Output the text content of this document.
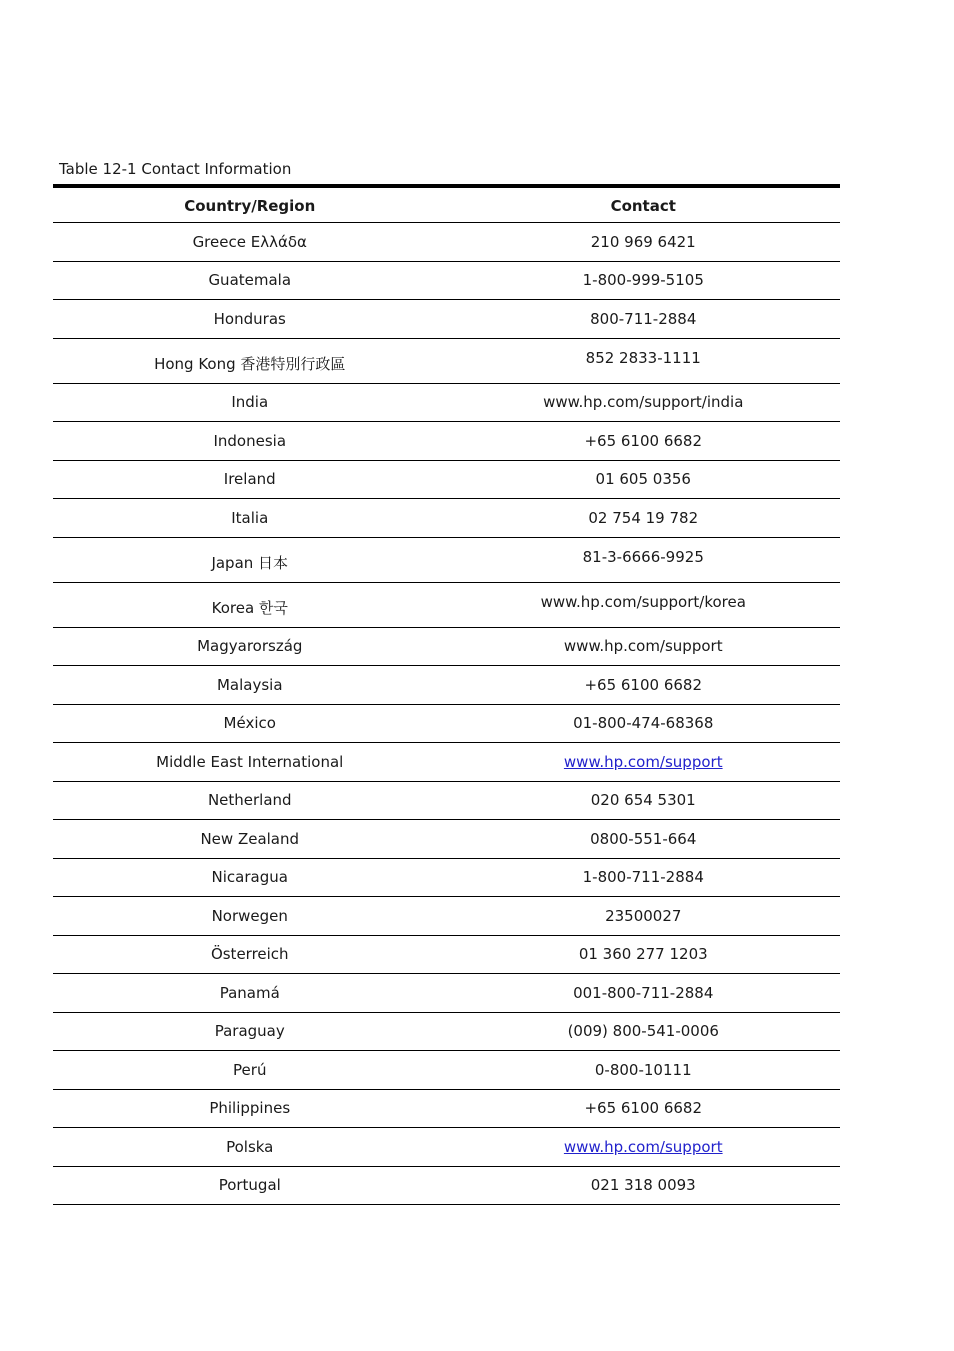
Table 12-1 Contact Information
Country/Region	Contact
Greece Ελλάδα	210 969 6421
Guatemala	1-800-999-5105
Honduras	800-711-2884
Hong Kong 香港特別行政區	852 2833-1111
India	www.hp.com/support/india
Indonesia	+65 6100 6682
Ireland	01 605 0356
Italia	02 754 19 782
Japan 日本	81-3-6666-9925
Korea 한국	www.hp.com/support/korea
Magyarország	www.hp.com/support
Malaysia	+65 6100 6682
México	01-800-474-68368
Middle East International	www.hp.com/support
Netherland	020 654 5301
New Zealand	0800-551-664
Nicaragua	1-800-711-2884
Norwegen	23500027
Österreich	01 360 277 1203
Panamá	001-800-711-2884
Paraguay	(009) 800-541-0006
Perú	0-800-10111
Philippines	+65 6100 6682
Polska	www.hp.com/support
Portugal	021 318 0093
